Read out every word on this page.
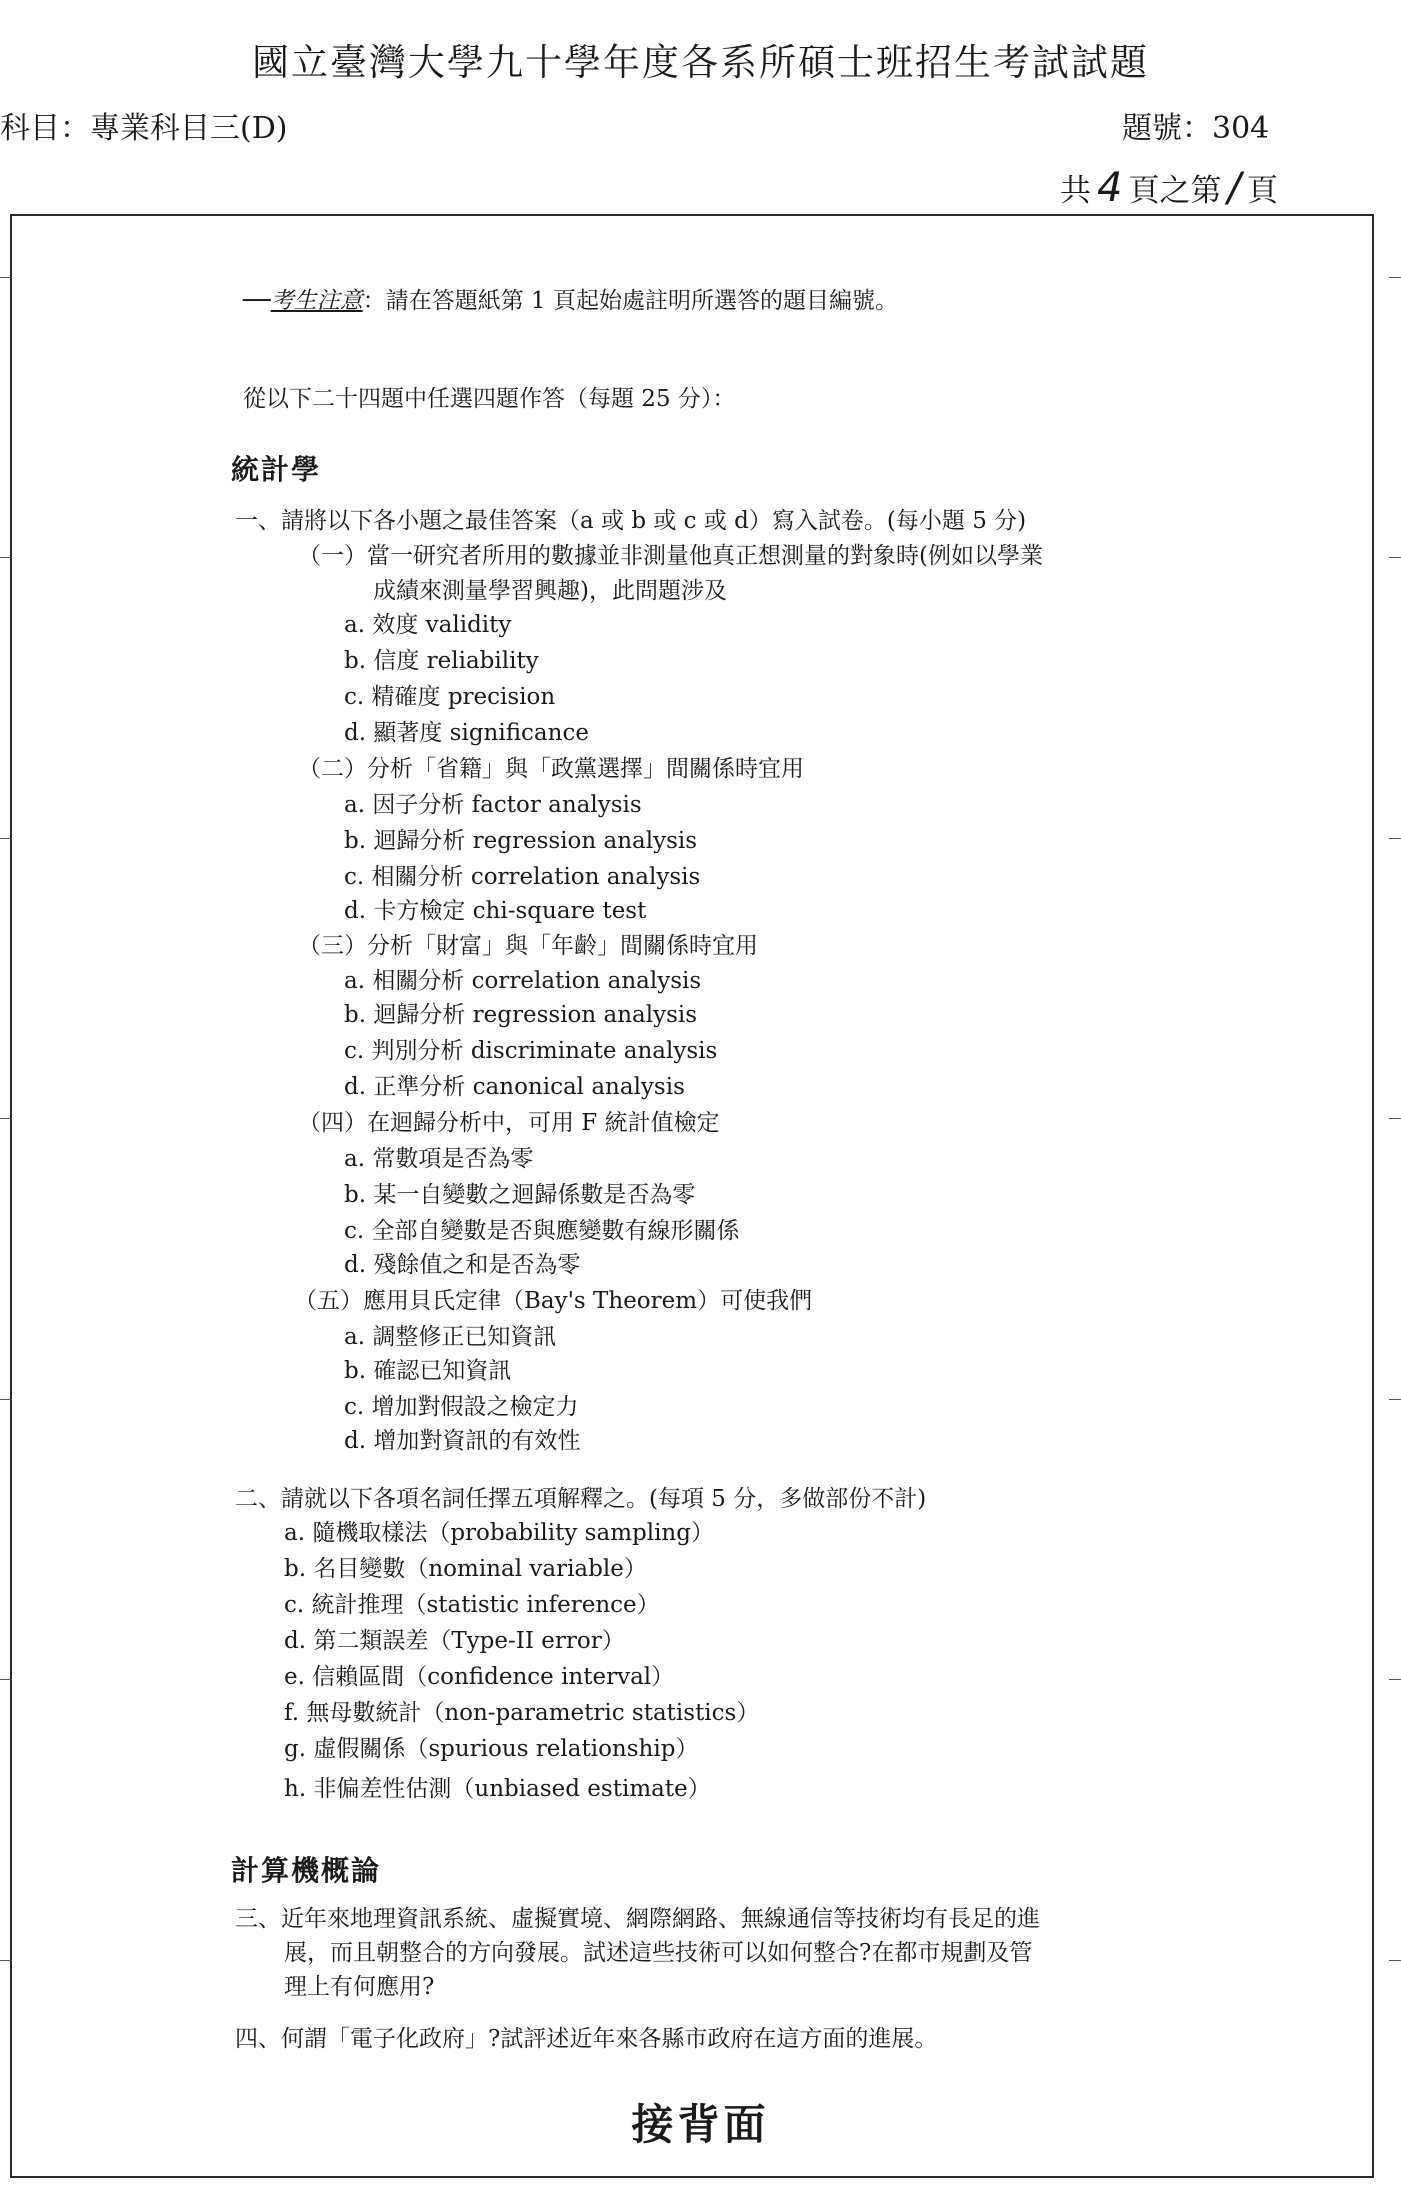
國立臺灣大學九十學年度各系所碩士班招生考試試題
科目：專業科目三(D)	題號：304
共 4 頁之第 / 頁
──考生注意：請在答題紙第 1 頁起始處註明所選答的題目編號。
從以下二十四題中任選四題作答（每題 25 分）：
統計學
一、請將以下各小題之最佳答案（a 或 b 或 c 或 d）寫入試卷。(每小題 5 分)
（一）當一研究者所用的數據並非測量他真正想測量的對象時(例如以學業
成績來測量學習興趣)，此問題涉及
a. 效度 validity
b. 信度 reliability
c. 精確度 precision
d. 顯著度 significance
（二）分析「省籍」與「政黨選擇」間關係時宜用
a. 因子分析 factor analysis
b. 迴歸分析 regression analysis
c. 相關分析 correlation analysis
d. 卡方檢定 chi-square test
（三）分析「財富」與「年齡」間關係時宜用
a. 相關分析 correlation analysis
b. 迴歸分析 regression analysis
c. 判別分析 discriminate analysis
d. 正準分析 canonical analysis
（四）在迴歸分析中，可用 F 統計值檢定
a. 常數項是否為零
b. 某一自變數之迴歸係數是否為零
c. 全部自變數是否與應變數有線形關係
d. 殘餘值之和是否為零
（五）應用貝氏定律（Bay's Theorem）可使我們
a. 調整修正已知資訊
b. 確認已知資訊
c. 增加對假設之檢定力
d. 增加對資訊的有效性
二、請就以下各項名詞任擇五項解釋之。(每項 5 分，多做部份不計)
a. 隨機取樣法（probability sampling）
b. 名目變數（nominal variable）
c. 統計推理（statistic inference）
d. 第二類誤差（Type-II error）
e. 信賴區間（confidence interval）
f. 無母數統計（non-parametric statistics）
g. 虛假關係（spurious relationship）
h. 非偏差性估測（unbiased estimate）
計算機概論
三、近年來地理資訊系統、虛擬實境、網際網路、無線通信等技術均有長足的進
展，而且朝整合的方向發展。試述這些技術可以如何整合?在都市規劃及管
理上有何應用?
四、何謂「電子化政府」?試評述近年來各縣市政府在這方面的進展。
接背面
